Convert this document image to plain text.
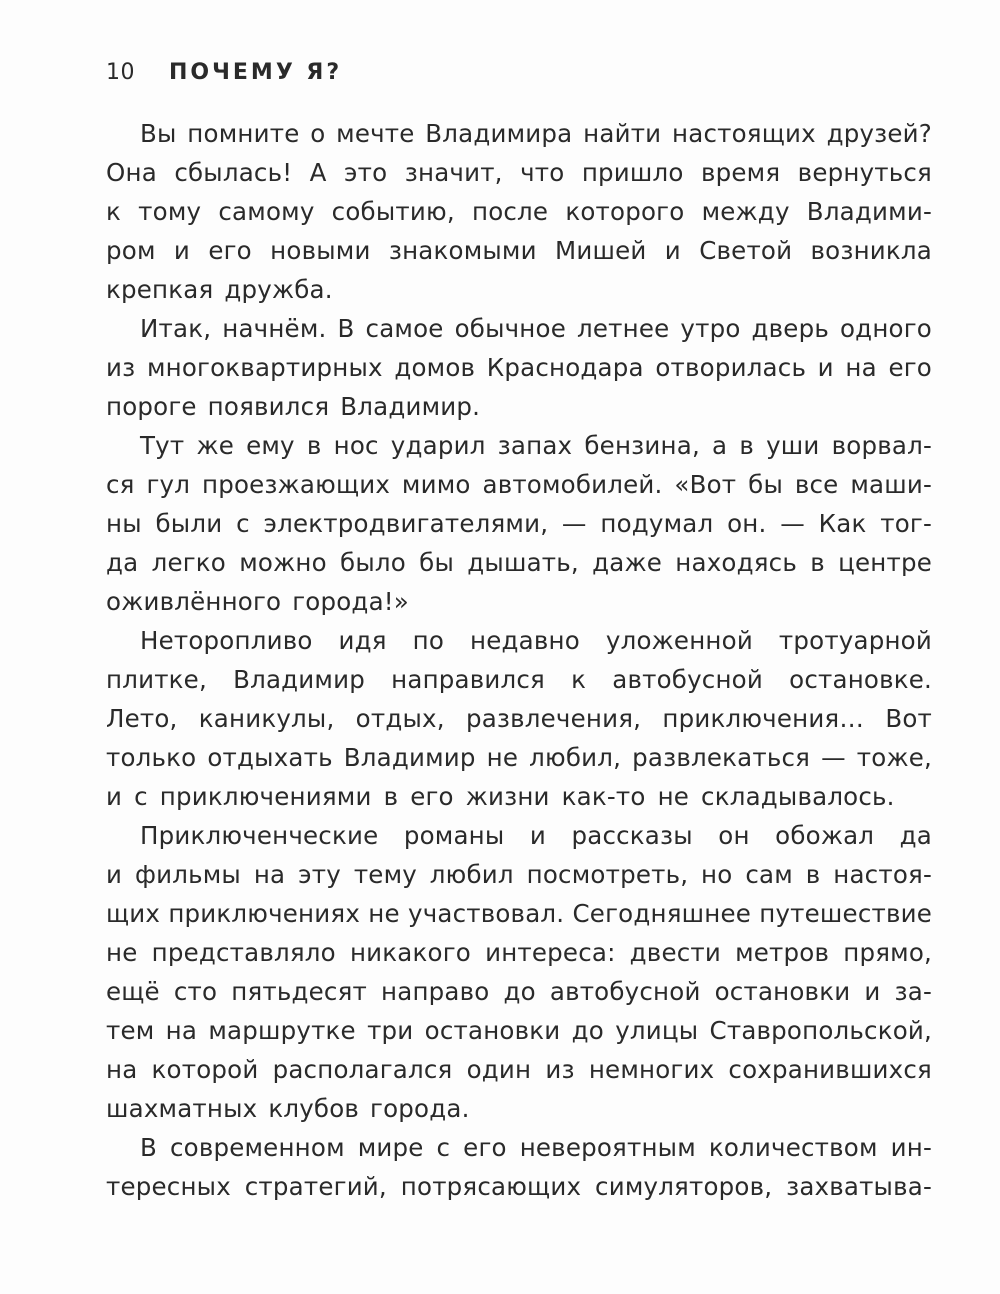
10 ПОЧЕМУ Я?
Вы помните о мечте Владимира найти настоящих друзей?
Она сбылась! А это значит, что пришло время вернуться
к тому самому событию, после которого между Владими-
ром и его новыми знакомыми Мишей и Светой возникла
крепкая дружба.
Итак, начнём. В самое обычное летнее утро дверь одного
из многоквартирных домов Краснодара отворилась и на его
пороге появился Владимир.
Тут же ему в нос ударил запах бензина, а в уши ворвал-
ся гул проезжающих мимо автомобилей. «Вот бы все маши-
ны были с электродвигателями, — подумал он. — Как тог-
да легко можно было бы дышать, даже находясь в центре
оживлённого города!»
Неторопливо идя по недавно уложенной тротуарной
плитке, Владимир направился к автобусной остановке.
Лето, каникулы, отдых, развлечения, приключения… Вот
только отдыхать Владимир не любил, развлекаться — тоже,
и с приключениями в его жизни как-то не складывалось.
Приключенческие романы и рассказы он обожал да
и фильмы на эту тему любил посмотреть, но сам в настоя-
щих приключениях не участвовал. Сегодняшнее путешествие
не представляло никакого интереса: двести метров прямо,
ещё сто пятьдесят направо до автобусной остановки и за-
тем на маршрутке три остановки до улицы Ставропольской,
на которой располагался один из немногих сохранившихся
шахматных клубов города.
В современном мире с его невероятным количеством ин-
тересных стратегий, потрясающих симуляторов, захватыва-
